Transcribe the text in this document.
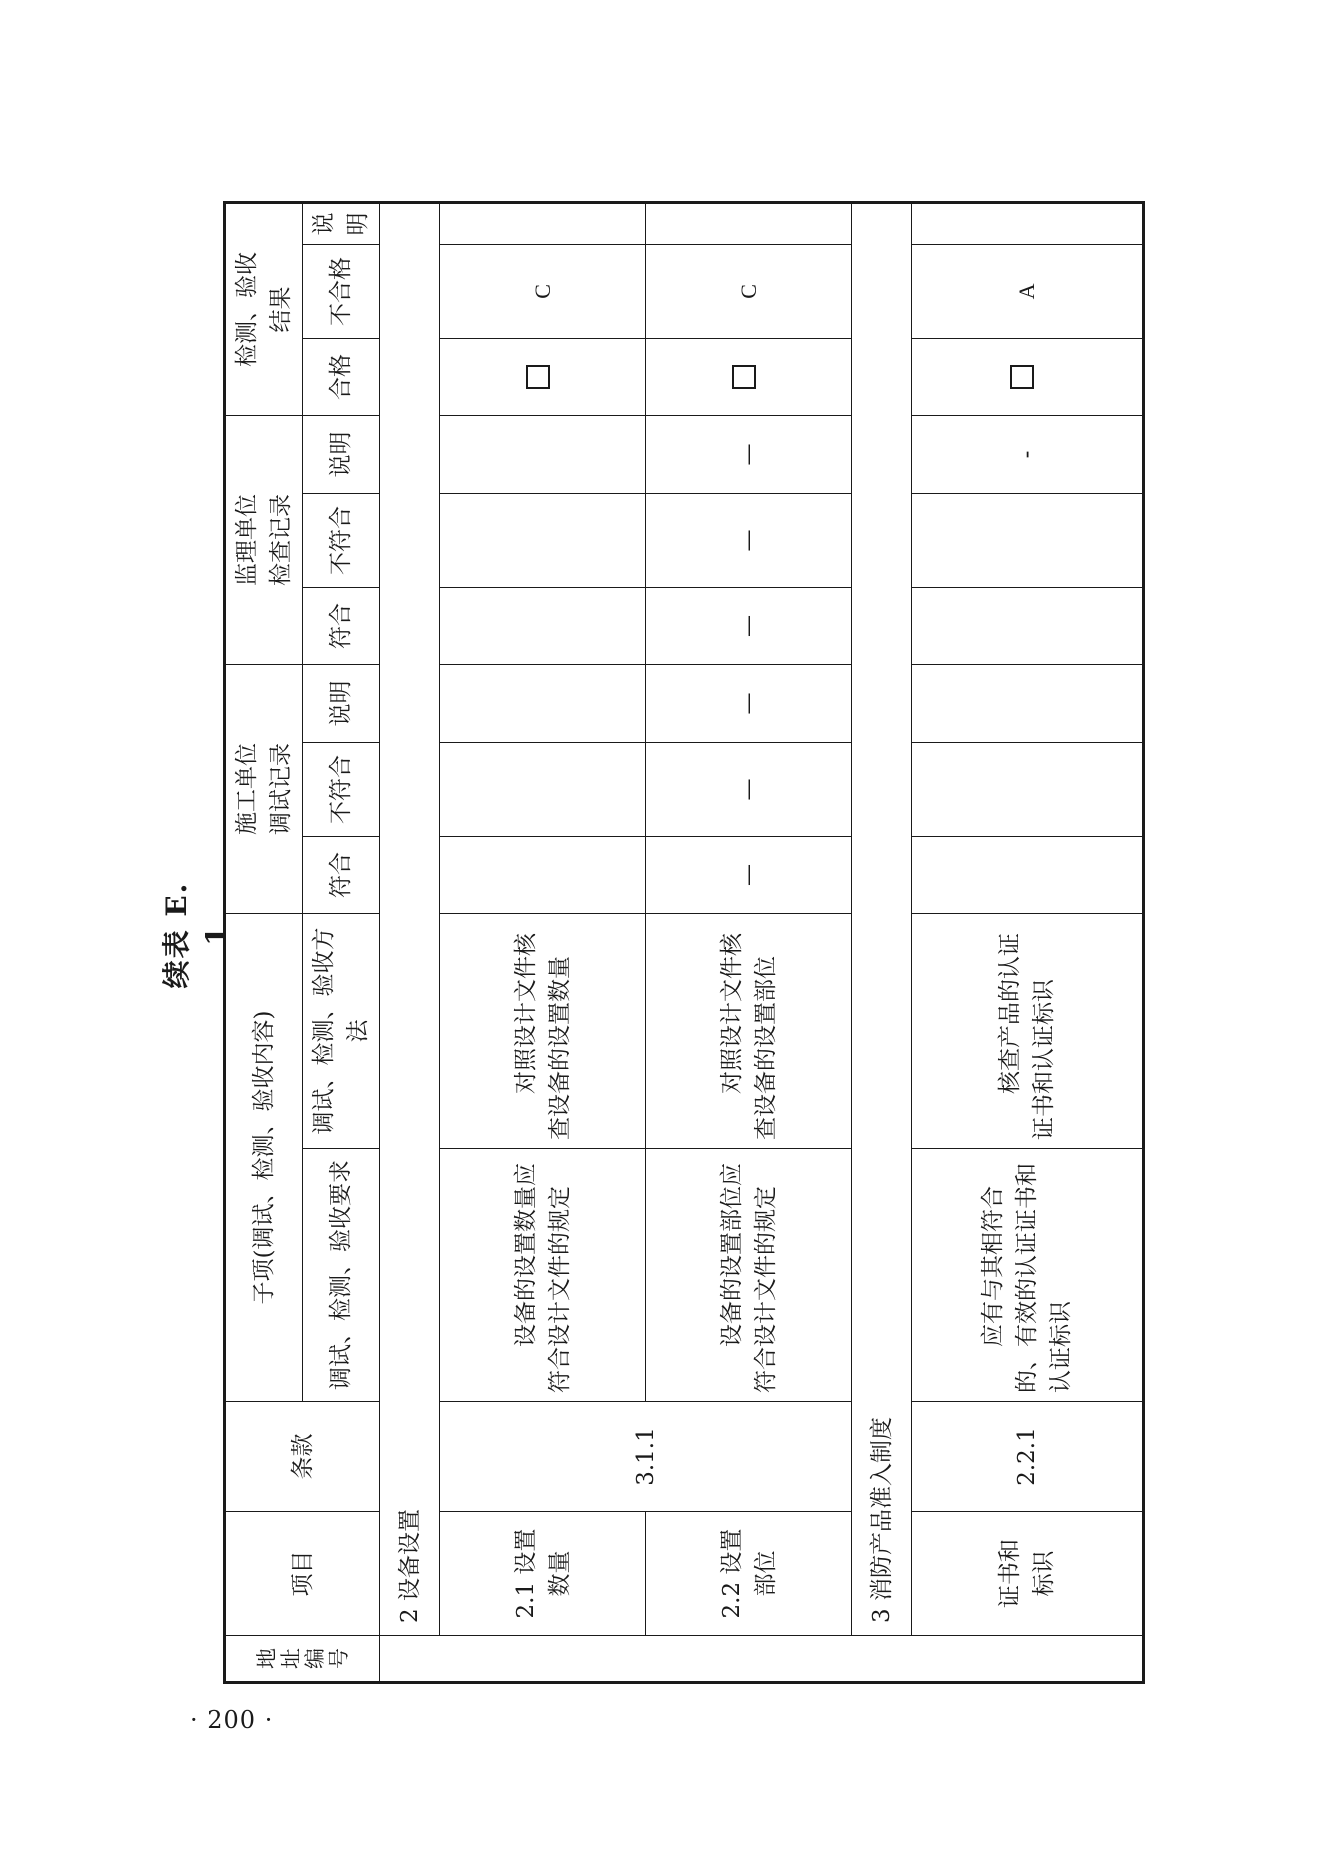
续表 E. 1
地址编号	项目	条款	子项(调试、检测、验收内容)		施工单位调试记录			监理单位检查记录			检测、验收结果		
			调试、检测、验收要求	调试、检测、验收方法	符合	不符合	说明	符合	不符合	说明	合格	不合格	说明
	2 设备设置												
	2.1 设置数量	3.1.1	设备的设置数量应符合设计文件的规定	对照设计文件核查设备的设置数量								C	
	2.2 设置部位		设备的设置部位应符合设计文件的规定	对照设计文件核查设备的设置部位	—	—	—	—	—	—		C	
	3 消防产品准入制度												
	证书和标识	2.2.1	应有与其相符合的、有效的认证证书和认证标识	核查产品的认证证书和认证标识						-		A	
· 200 ·
